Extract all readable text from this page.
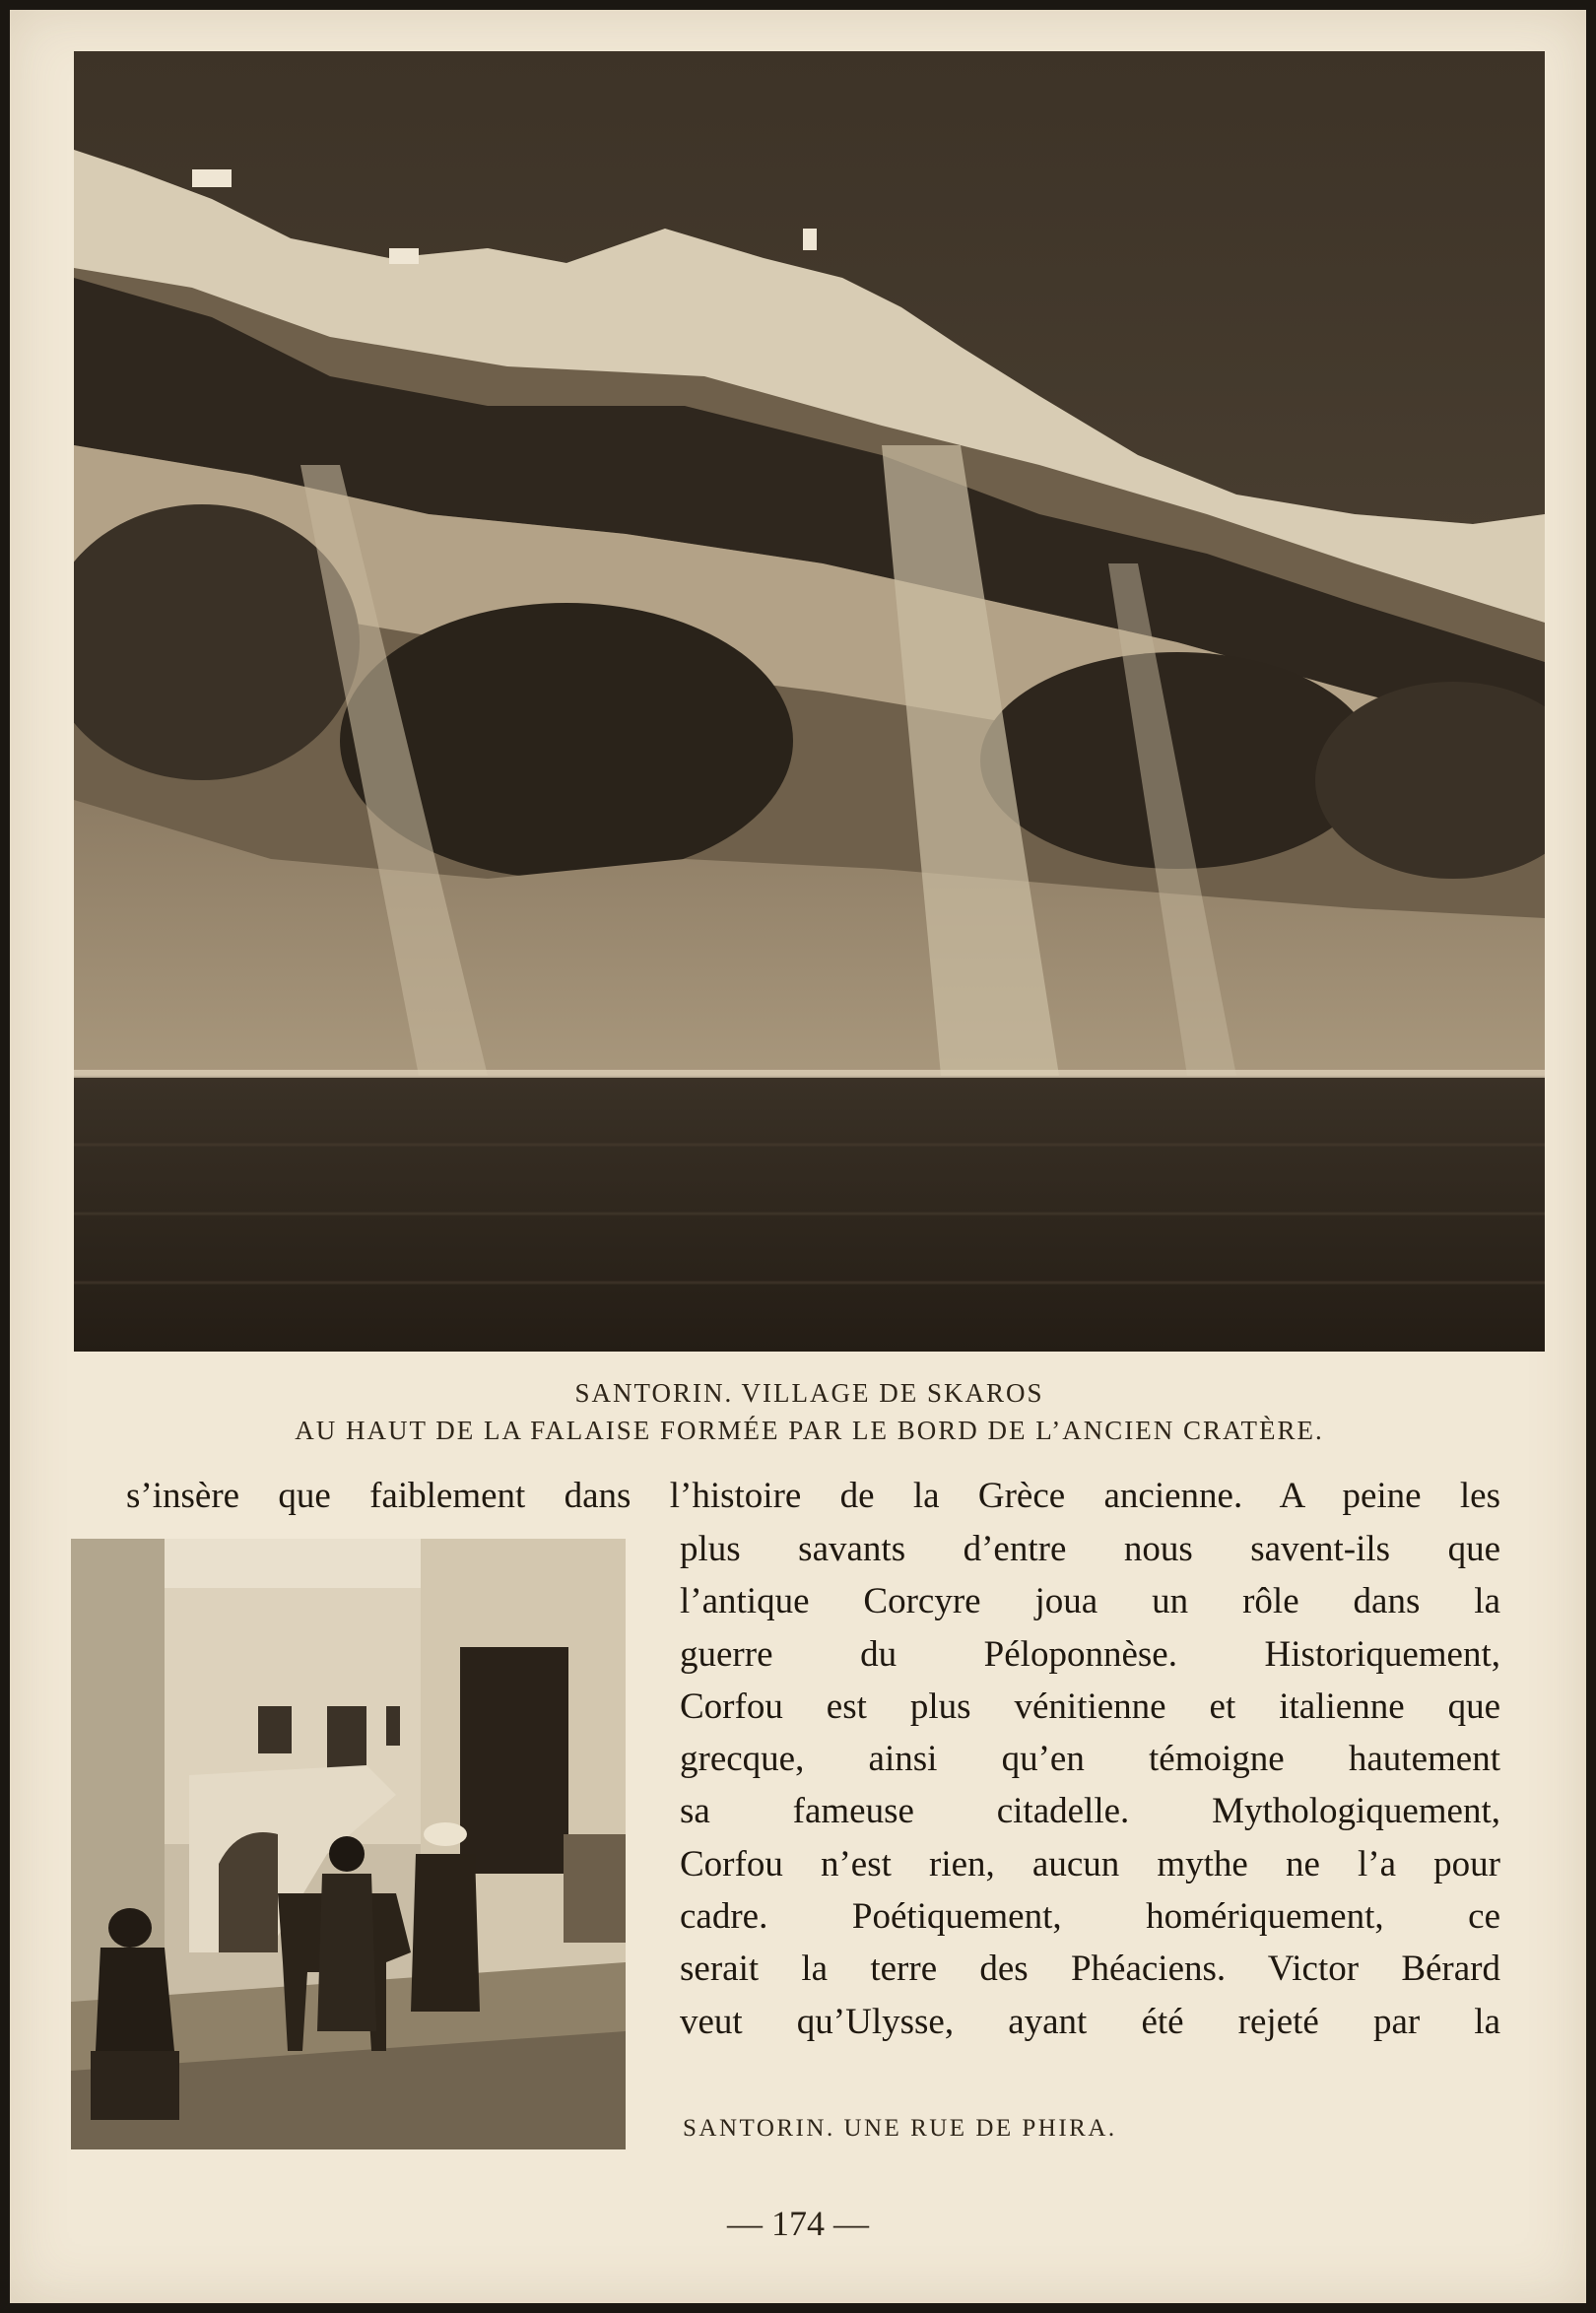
SANTORIN. VILLAGE DE SKAROS
AU HAUT DE LA FALAISE FORMÉE PAR LE BORD DE L’ANCIEN CRATÈRE.
s’insère que faiblement dans l’histoire de la Grèce ancienne. A peine les
plus savants d’entre nous savent-ils que
l’antique Corcyre joua un rôle dans la
guerre du Péloponnèse. Historiquement,
Corfou est plus vénitienne et italienne que
grecque, ainsi qu’en témoigne hautement
sa fameuse citadelle. Mythologiquement,
Corfou n’est rien, aucun mythe ne l’a pour
cadre. Poétiquement, homériquement, ce
serait la terre des Phéaciens. Victor Bérard
veut qu’Ulysse, ayant été rejeté par la
SANTORIN. UNE RUE DE PHIRA.
— 174 —
